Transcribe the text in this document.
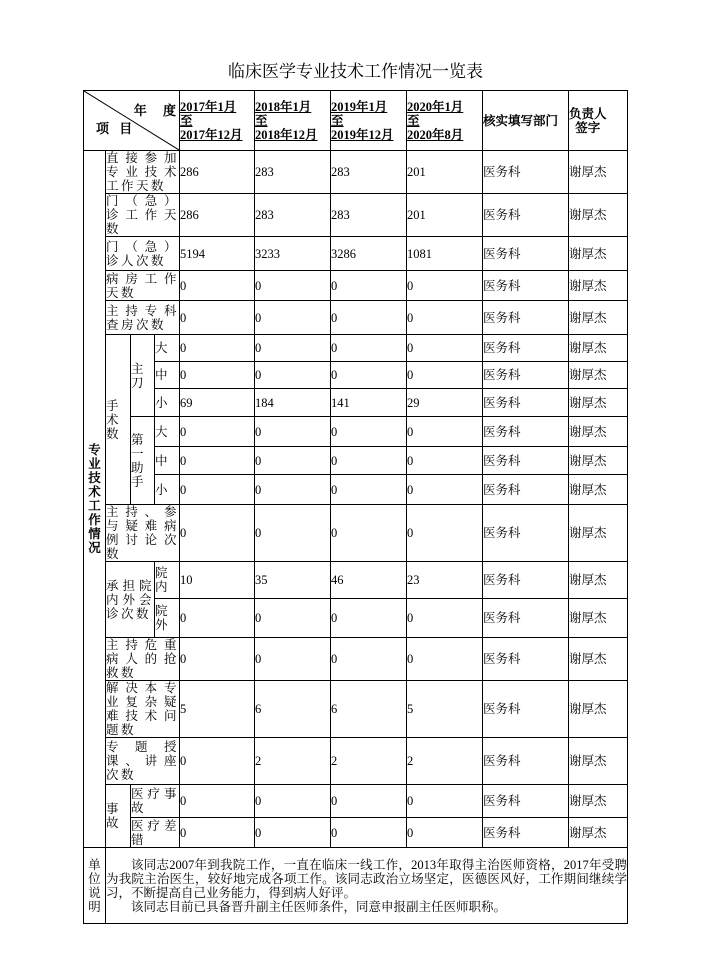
临床医学专业技术工作情况一览表
年 度
项 目				2017年1月
至
2017年12月	2018年1月
至
2018年12月	2019年1月
至
2019年12月	2020年1月
至
2020年8月	核实填写部门	负责人
签字
专业技术工作情况	直接参加专业技术工作天数			286	283	283	201	医务科	谢厚杰
	门（急）诊工作天数			286	283	283	201	医务科	谢厚杰
	门（急）诊人次数			5194	3233	3286	1081	医务科	谢厚杰
	病房工作天数			0	0	0	0	医务科	谢厚杰
	主持专科查房次数			0	0	0	0	医务科	谢厚杰
	手术数	主刀	大	0	0	0	0	医务科	谢厚杰
			中	0	0	0	0	医务科	谢厚杰
			小	69	184	141	29	医务科	谢厚杰
		第一助手	大	0	0	0	0	医务科	谢厚杰
			中	0	0	0	0	医务科	谢厚杰
			小	0	0	0	0	医务科	谢厚杰
	主持、参与疑难病例讨论次数			0	0	0	0	医务科	谢厚杰
	承担院内外会诊次数		院内	10	35	46	23	医务科	谢厚杰
			院外	0	0	0	0	医务科	谢厚杰
	主持危重病人的抢救数			0	0	0	0	医务科	谢厚杰
	解决本专业复杂疑难技术问题数			5	6	6	5	医务科	谢厚杰
	专题授课、讲座次数			0	2	2	2	医务科	谢厚杰
	事故	医疗事故		0	0	0	0	医务科	谢厚杰
		医疗差错		0	0	0	0	医务科	谢厚杰
单位说明	该同志2007年到我院工作，一直在临床一线工作，2013年取得主治医师资格，2017年受聘为我院主治医生，较好地完成各项工作。该同志政治立场坚定，医德医风好，工作期间继续学习，不断提高自己业务能力，得到病人好评。

该同志目前已具备晋升副主任医师条件，同意申报副主任医师职称。								
